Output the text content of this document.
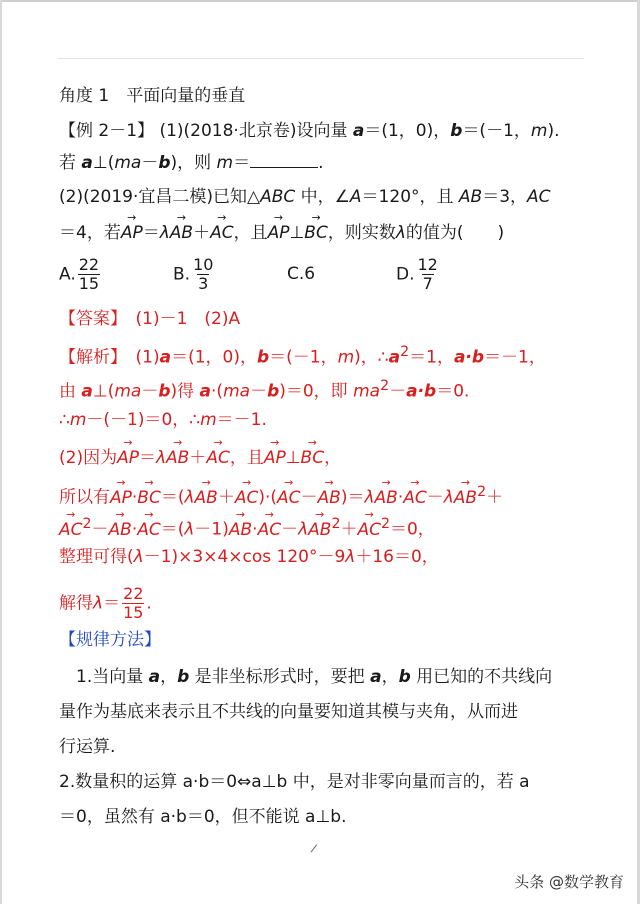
角度 1　平面向量的垂直
【例 2－1】 (1)(2018·北京卷)设向量 a＝(1，0)，b＝(－1，m).
若 a⊥(ma－b)，则 m＝	.
(2)(2019·宜昌二模)已知△ABC 中，∠A＝120°，且 AB＝3，AC
＝4，若→ AP＝λ→ AB＋→ AC，且→ AP⊥→ BC，则实数λ的值为(　　)
A. $\frac{22}{15}$	B. $\frac{10}{3}$	C.6	D. $\frac{12}{7}$
【答案】　(1)－1　(2)A
【解析】　(1)a＝(1，0)，b＝(－1，m)，$\therefore a^2=1$，a·b＝－1，
由 a⊥(ma－b)得 a·(ma－b)＝0，即 $ma^2-a\cdot b=0$.
∴m－(－1)＝0，∴m＝－1.
(2)因为→ AP＝λ→ AB＋→ AC，且→ AP⊥→ BC，
所以有→ $AP\cdot\to BC=(\lambda\to AB+\to AC)\cdot(\to AC-\to AB)=\lambda\to AB\cdot\to AC-\lambda\to AB^2+$
→ $AC^2-\to AB\cdot\to AC=(\lambda-1)\to AB\cdot\to AC-\lambda\to AB^2+\to AC^2=0$，
整理可得(λ－1)×3×4×cos 120°－9λ＋16＝0，
解得$\lambda= \frac{22}{15}$ .
【规律方法】
　1.当向量 a，b 是非坐标形式时，要把 a，b 用已知的不共线向
量作为基底来表示且不共线的向量要知道其模与夹角，从而进
行运算.
2.数量积的运算 a·b＝0⇔a⊥b 中，是对非零向量而言的，若 a
＝0，虽然有 a·b＝0，但不能说 a⊥b.
/
头条 @数学教育
